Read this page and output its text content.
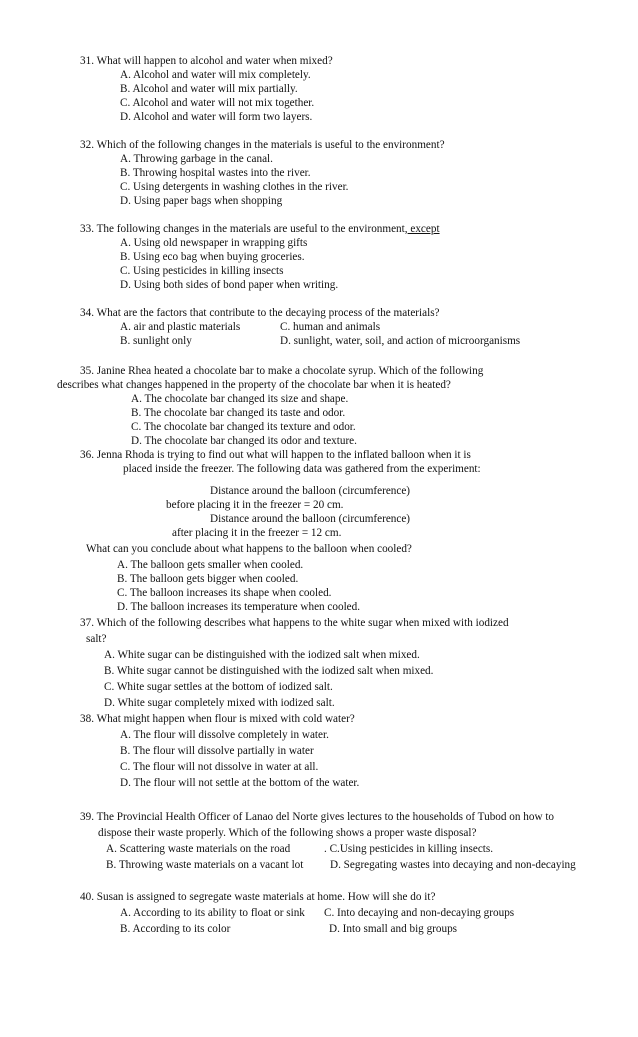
31. What will happen to alcohol and water when mixed?
A. Alcohol and water will mix completely.
B. Alcohol and water will mix partially.
C. Alcohol and water will not mix together.
D. Alcohol and water will form two layers.
32. Which of the following changes in the materials is useful to the environment?
A. Throwing garbage in the canal.
B. Throwing hospital wastes into the river.
C. Using detergents in washing clothes in the river.
D. Using paper bags when shopping
33. The following changes in the materials are useful to the environment, except
A. Using old newspaper in wrapping gifts
B. Using eco bag when buying groceries.
C. Using pesticides in killing insects
D. Using both sides of bond paper when writing.
34. What are the factors that contribute to the decaying process of the materials?
A. air and plastic materials	C. human and animals
B. sunlight only	D. sunlight, water, soil, and action of microorganisms
35. Janine Rhea heated a chocolate bar to make a chocolate syrup. Which of the following
describes what changes happened in the property of the chocolate bar when it is heated?
A. The chocolate bar changed its size and shape.
B. The chocolate bar changed its taste and odor.
C. The chocolate bar changed its texture and odor.
D. The chocolate bar changed its odor and texture.
36. Jenna Rhoda is trying to find out what will happen to the inflated balloon when it is
placed inside the freezer. The following data was gathered from the experiment:
Distance around the balloon (circumference)
before placing it in the freezer = 20 cm.
Distance around the balloon (circumference)
after placing it in the freezer = 12 cm.
What can you conclude about what happens to the balloon when cooled?
A. The balloon gets smaller when cooled.
B. The balloon gets bigger when cooled.
C. The balloon increases its shape when cooled.
D. The balloon increases its temperature when cooled.
37. Which of the following describes what happens to the white sugar when mixed with iodized
salt?
A. White sugar can be distinguished with the iodized salt when mixed.
B. White sugar cannot be distinguished with the iodized salt when mixed.
C. White sugar settles at the bottom of iodized salt.
D. White sugar completely mixed with iodized salt.
38. What might happen when flour is mixed with cold water?
A. The flour will dissolve completely in water.
B. The flour will dissolve partially in water
C. The flour will not dissolve in water at all.
D. The flour will not settle at the bottom of the water.
39. The Provincial Health Officer of Lanao del Norte gives lectures to the households of Tubod on how to
dispose their waste properly. Which of the following shows a proper waste disposal?
A. Scattering waste materials on the road	. C.Using pesticides in killing insects.
B. Throwing waste materials on a vacant lot D. Segregating wastes into decaying and non-decaying
40. Susan is assigned to segregate waste materials at home. How will she do it?
A. According to its ability to float or sink C. Into decaying and non-decaying groups
B. According to its color	D. Into small and big groups
